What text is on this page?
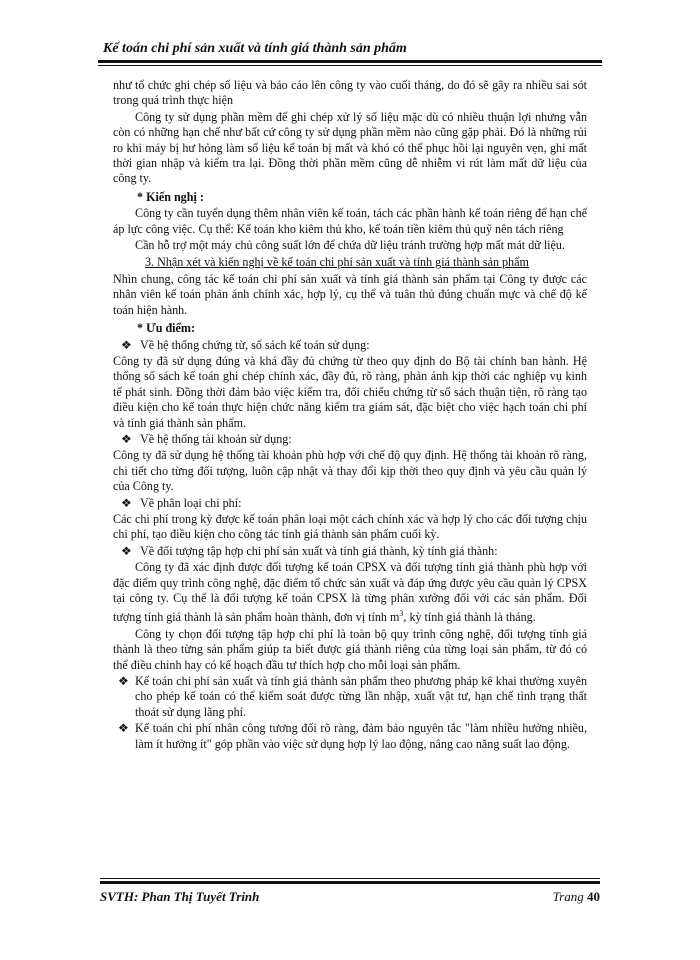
Kế toán chi phí sản xuất và tính giá thành sản phẩm

như tổ chức ghi chép số liệu và báo cáo lên công ty vào cuối tháng, do đó sẽ gây ra nhiều sai sót trong quá trình thực hiện

Công ty sử dụng phần mềm để ghi chép xử lý số liệu mặc dù có nhiều thuận lợi nhưng vẫn còn có những hạn chế như bất cứ công ty sử dụng phần mềm nào cũng gặp phải. Đó là những rủi ro khi máy bị hư hỏng làm số liệu kế toán bị mất và khó có thể phục hồi lại nguyên vẹn, ghi mất thời gian nhập và kiểm tra lại. Đồng thời phần mềm cũng dễ nhiễm vi rút làm mất dữ liệu của công ty.

* Kiến nghị :

Công ty cần tuyển dụng thêm nhân viên kế toán, tách các phần hành kế toán riêng để hạn chế áp lực công việc. Cụ thể: Kế toán kho kiêm thủ kho, kế toán tiền kiêm thủ quỹ nên tách riêng

Cần hỗ trợ một máy chủ công suất lớn để chứa dữ liệu tránh trường hợp mất mát dữ liệu.

3. Nhận xét và kiến nghị về kế toán chi phí sản xuất và tính giá thành sản phẩm

Nhìn chung, công tác kế toán chi phí sản xuất và tính giá thành sản phẩm tại Công ty được các nhân viên kế toán phản ánh chính xác, hợp lý, cụ thể và tuân thủ đúng chuẩn mực và chế độ kế toán hiện hành.

* Ưu điểm:

❖ Về hệ thống chứng từ, sổ sách kế toán sử dụng:

Công ty đã sử dụng đúng và khá đầy đủ chứng từ theo quy định do Bộ tài chính ban hành. Hệ thống sổ sách kế toán ghi chép chính xác, đầy đủ, rõ ràng, phản ánh kịp thời các nghiệp vụ kinh tế phát sinh. Đồng thời đảm bảo việc kiểm tra, đối chiếu chứng từ sổ sách thuận tiện, rõ ràng tạo điều kiện cho kế toán thực hiện chức năng kiểm tra giám sát, đặc biệt cho việc hạch toán chi phí và tính giá thành sản phẩm.

❖ Về hệ thống tài khoản sử dụng:

Công ty đã sử dụng hệ thống tài khoản phù hợp với chế độ quy định. Hệ thống tài khoản rõ ràng, chi tiết cho từng đối tượng, luôn cập nhật và thay đổi kịp thời theo quy định và yêu cầu quản lý của Công ty.

❖ Về phân loại chi phí:

Các chi phí trong kỳ được kế toán phân loại một cách chính xác và hợp lý cho các đối tượng chịu chi phí, tạo điều kiện cho công tác tính giá thành sản phẩm cuối kỳ.

❖ Về đối tượng tập hợp chi phí sản xuất và tính giá thành, kỳ tính giá thành:

Công ty đã xác định được đối tượng kế toán CPSX và đối tượng tính giá thành phù hợp với đặc điểm quy trình công nghệ, đặc điểm tổ chức sản xuất và đáp ứng được yêu cầu quản lý CPSX tại công ty. Cụ thể là đối tượng kế toán CPSX là từng phân xưởng đối với các sản phẩm. Đối tượng tính giá thành là sản phẩm hoàn thành, đơn vị tính $m^3$, kỳ tính giá thành là tháng.

Công ty chọn đối tượng tập hợp chi phí là toàn bộ quy trình công nghệ, đối tượng tính giá thành là theo từng sản phẩm giúp ta biết được giá thành riêng của từng loại sản phẩm, từ đó có thể điều chỉnh hay có kế hoạch đầu tư thích hợp cho mỗi loại sản phẩm.

❖ Kế toán chi phí sản xuất và tính giá thành sản phẩm theo phương pháp kê khai thường xuyên cho phép kế toán có thể kiểm soát được từng lần nhập, xuất vật tư, hạn chế tình trạng thất thoát sử dụng lãng phí.

❖ Kế toán chi phí nhân công tương đối rõ ràng, đảm bảo nguyên tắc "làm nhiều hưởng nhiều, làm ít hưởng ít" góp phần vào việc sử dụng hợp lý lao động, nâng cao năng suất lao động.

SVTH: Phan Thị Tuyết Trinh	Trang 40
